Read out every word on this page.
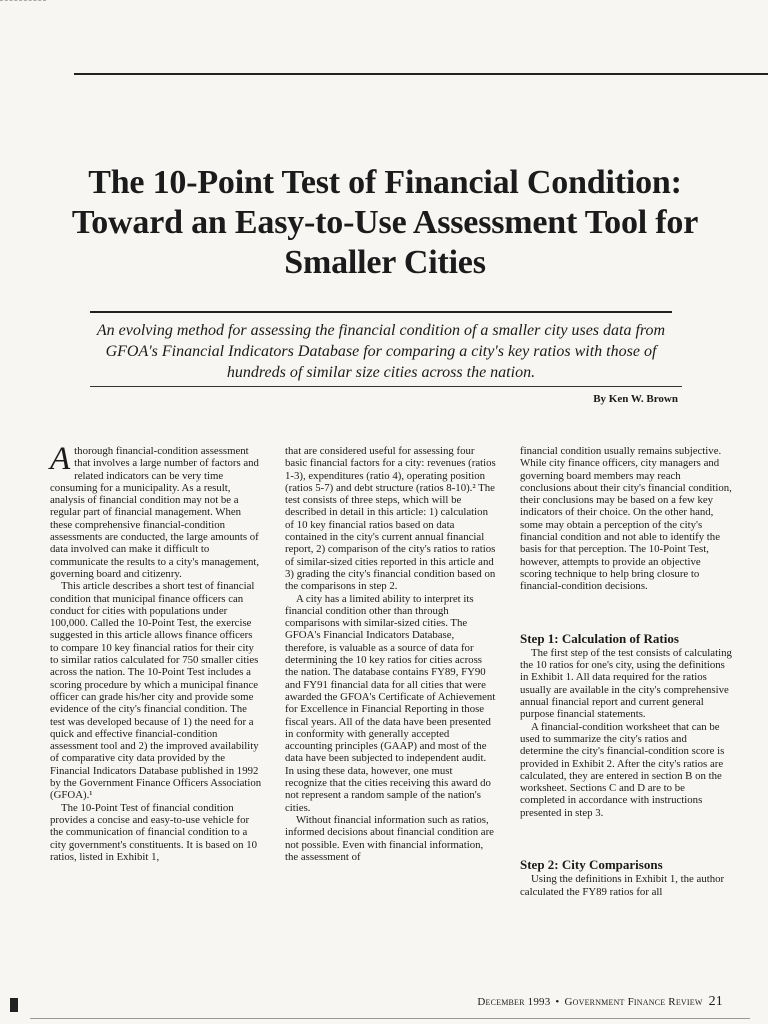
The 10-Point Test of Financial Condition: Toward an Easy-to-Use Assessment Tool for Smaller Cities
An evolving method for assessing the financial condition of a smaller city uses data from GFOA's Financial Indicators Database for comparing a city's key ratios with those of hundreds of similar size cities across the nation.
By Ken W. Brown

Athorough financial-condition assessment that involves a large number of factors and related indicators can be very time consuming for a municipality. As a result, analysis of financial condition may not be a regular part of financial management. When these comprehensive financial-condition assessments are conducted, the large amounts of data involved can make it difficult to communicate the results to a city's management, governing board and citizenry.

This article describes a short test of financial condition that municipal finance officers can conduct for cities with populations under 100,000. Called the 10-Point Test, the exercise suggested in this article allows finance officers to compare 10 key financial ratios for their city to similar ratios calculated for 750 smaller cities across the nation. The 10-Point Test includes a scoring procedure by which a municipal finance officer can grade his/her city and provide some evidence of the city's financial condition. The test was developed because of 1) the need for a quick and effective financial-condition assessment tool and 2) the improved availability of comparative city data provided by the Financial Indicators Database published in 1992 by the Government Finance Officers Association (GFOA).¹

The 10-Point Test of financial condition provides a concise and easy-to-use vehicle for the communication of financial condition to a city government's constituents. It is based on 10 ratios, listed in Exhibit 1,

that are considered useful for assessing four basic financial factors for a city: revenues (ratios 1-3), expenditures (ratio 4), operating position (ratios 5-7) and debt structure (ratios 8-10).² The test consists of three steps, which will be described in detail in this article: 1) calculation of 10 key financial ratios based on data contained in the city's current annual financial report, 2) comparison of the city's ratios to ratios of similar-sized cities reported in this article and 3) grading the city's financial condition based on the comparisons in step 2.

A city has a limited ability to interpret its financial condition other than through comparisons with similar-sized cities. The GFOA's Financial Indicators Database, therefore, is valuable as a source of data for determining the 10 key ratios for cities across the nation. The database contains FY89, FY90 and FY91 financial data for all cities that were awarded the GFOA's Certificate of Achievement for Excellence in Financial Reporting in those fiscal years. All of the data have been presented in conformity with generally accepted accounting principles (GAAP) and most of the data have been subjected to independent audit. In using these data, however, one must recognize that the cities receiving this award do not represent a random sample of the nation's cities.

Without financial information such as ratios, informed decisions about financial condition are not possible. Even with financial information, the assessment of

financial condition usually remains subjective. While city finance officers, city managers and governing board members may reach conclusions about their city's financial condition, their conclusions may be based on a few key indicators of their choice. On the other hand, some may obtain a perception of the city's financial condition and not able to identify the basis for that perception. The 10-Point Test, however, attempts to provide an objective scoring technique to help bring closure to financial-condition decisions.

Step 1: Calculation of Ratios

The first step of the test consists of calculating the 10 ratios for one's city, using the definitions in Exhibit 1. All data required for the ratios usually are available in the city's comprehensive annual financial report and current general purpose financial statements.

A financial-condition worksheet that can be used to summarize the city's ratios and determine the city's financial-condition score is provided in Exhibit 2. After the city's ratios are calculated, they are entered in section B on the worksheet. Sections C and D are to be completed in accordance with instructions presented in step 3.

Step 2: City Comparisons

Using the definitions in Exhibit 1, the author calculated the FY89 ratios for all

December 1993 • Government Finance Review 21
